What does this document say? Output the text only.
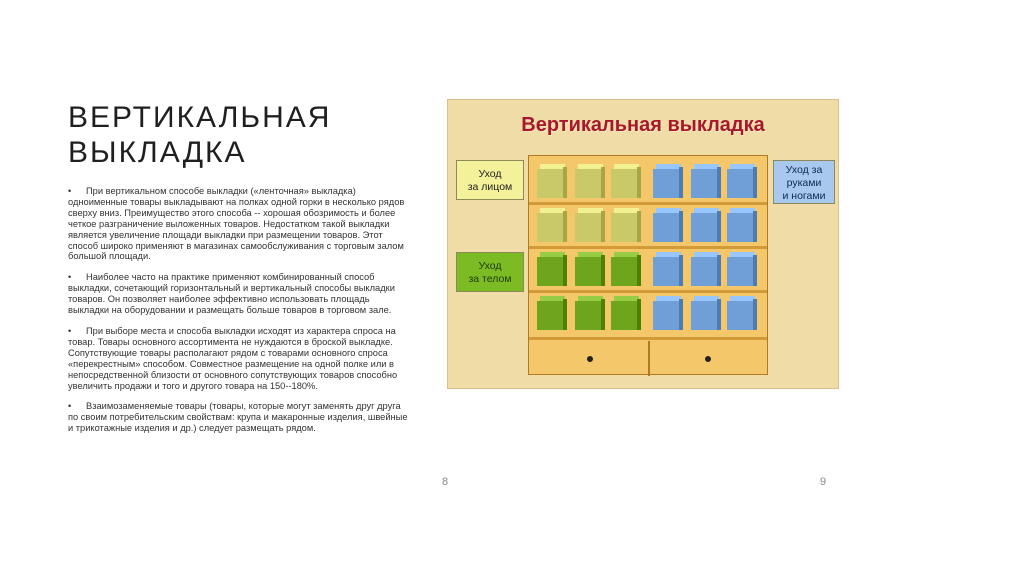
ВЕРТИКАЛЬНАЯ
ВЫКЛАДКА
• При вертикальном способе выкладки («ленточная» выкладка) одноименные товары выкладывают на полках одной горки в несколько рядов сверху вниз. Преимущество этого способа -- хорошая обозримость и более четкое разграничение выложенных товаров. Недостатком такой выкладки является увеличение площади выкладки при размещении товаров. Этот способ широко применяют в магазинах самообслуживания с торговым залом большой площади.
• Наиболее часто на практике применяют комбинированный способ выкладки, сочетающий горизонтальный и вертикальный способы выкладки товаров. Он позволяет наиболее эффективно использовать площадь выкладки на оборудовании и размещать больше товаров в торговом зале.
• При выборе места и способа выкладки исходят из характера спроса на товар. Товары основного ассортимента не нуждаются в броской выкладке. Сопутствующие товары располагают рядом с товарами основного спроса «перекрестным» способом. Совместное размещение на одной полке или в непосредственной близости от основного сопутствующих товаров способно увеличить продажи и того и другого товара на 150--180%.
• Взаимозаменяемые товары (товары, которые могут заменять друг друга по своим потребительским свойствам: крупа и макаронные изделия, швейные и трикотажные изделия и др.) следует размещать рядом.
Вертикальная выкладка
Уход
за лицом
Уход
за телом
Уход за
руками
и ногами
8	9
